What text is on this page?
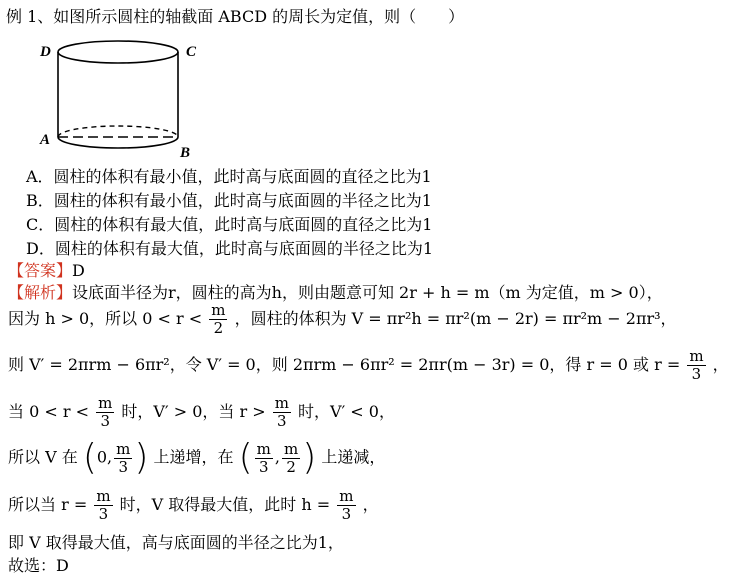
例 1、如图所示圆柱的轴截面 ABCD 的周长为定值，则（　　）
D	C
A
B
A．圆柱的体积有最小值，此时高与底面圆的直径之比为1
B．圆柱的体积有最小值，此时高与底面圆的半径之比为1
C．圆柱的体积有最大值，此时高与底面圆的直径之比为1
D．圆柱的体积有最大值，此时高与底面圆的半径之比为1
【答案】D
【解析】设底面半径为r，圆柱的高为h，则由题意可知 2r + h = m（m 为定值，m > 0），
因为 h > 0，所以 $0 < r < \frac{m}{2}$ ，圆柱的体积为 V = πr²h = πr²(m − 2r) = πr²m − 2πr³，
则 V′ = 2πrm − 6πr²，令 V′ = 0，则 2πrm − 6πr² = 2πr(m − 3r) = 0，得 r = 0 或 $r = \frac{m}{3}$ ，
当 $0 < r < \frac{m}{3}$ 时，V′ > 0，当 $r > \frac{m}{3}$ 时，V′ < 0，
所以 V 在 (0, $\frac{m}{3}$ ) 上递增，在 ( $\frac{m}{3}$ , $\frac{m}{2}$ ) 上递减，
所以当 $r = \frac{m}{3}$ 时，V 取得最大值，此时 $h = \frac{m}{3}$ ，
即 V 取得最大值，高与底面圆的半径之比为1，
故选：D
